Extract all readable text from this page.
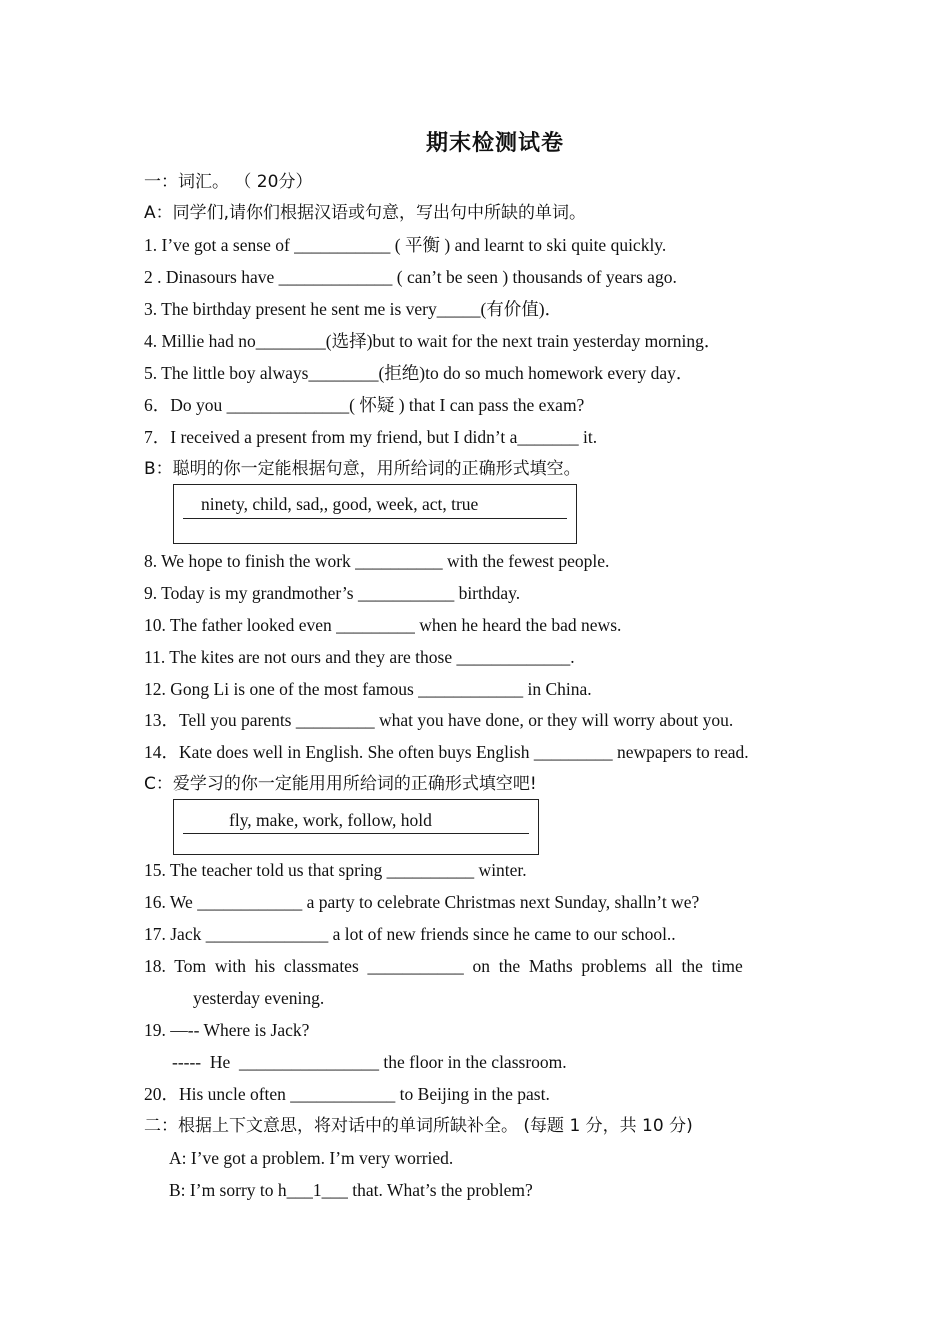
期末检测试卷
一：词汇。 （ 20分）
A：同学们,请你们根据汉语或句意，写出句中所缺的单词。
1. I’ve got a sense of ___________ ( 平衡 ) and learnt to ski quite quickly.
2 . Dinasours have _____________ ( can’t be seen ) thousands of years ago.
3. The birthday present he sent me is very_____(有价值)．
4. Millie had no________(选择)but to wait for the next train yesterday morning．
5. The little boy always________(拒绝)to do so much homework every day．
6．Do you ______________( 怀疑 ) that I can pass the exam?
7．I received a present from my friend, but I didn’t a_______ it.
B：聪明的你一定能根据句意，用所给词的正确形式填空。
ninety, child, sad,, good, week, act, true
8. We hope to finish the work __________ with the fewest people.
9. Today is my grandmother’s ___________ birthday.
10. The father looked even _________ when he heard the bad news.
11. The kites are not ours and they are those _____________.
12. Gong Li is one of the most famous ____________ in China.
13．Tell you parents _________ what you have done, or they will worry about you.
14．Kate does well in English. She often buys English _________ newpapers to read.
C：爱学习的你一定能用用所给词的正确形式填空吧!
fly, make, work, follow, hold
15. The teacher told us that spring __________ winter.
16. We ____________ a party to celebrate Christmas next Sunday, shalln’t we?
17. Jack ______________ a lot of new friends since he came to our school..
18.  Tom  with  his  classmates  ___________  on  the  Maths  problems  all  the  time
yesterday evening.
19. —-- Where is Jack?
-----  He  ________________ the floor in the classroom.
20．His uncle often ____________ to Beijing in the past.
二：根据上下文意思，将对话中的单词所缺补全。 (每题 1 分，共 10 分)
A: I’ve got a problem. I’m very worried.
B: I’m sorry to h___1___ that. What’s the problem?
